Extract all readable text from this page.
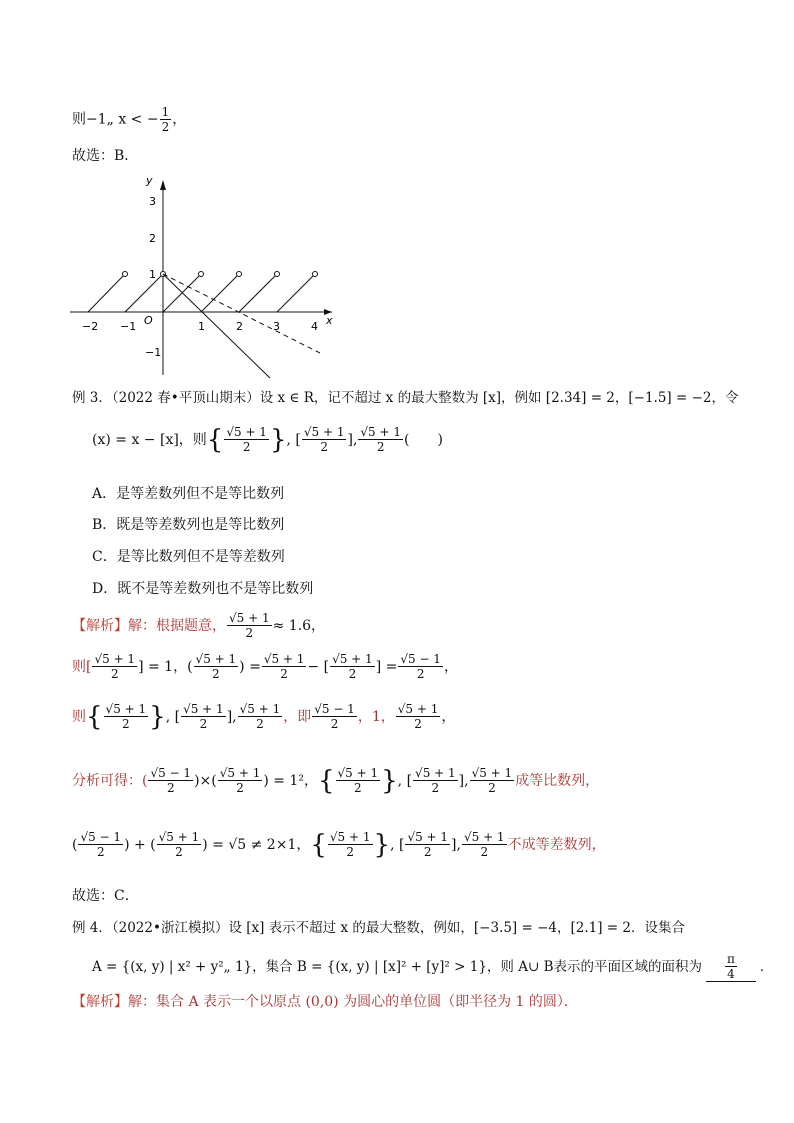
则−1„ x < − $\frac{1}{2}$ ，
故选：B．
y
x
O
−2 −1	1	2	3	4
3
2
1
−1
例 3．（2022 春•平顶山期末）设 x ∈ R，记不超过 x 的最大整数为 [x]，例如 [2.34] = 2，[−1.5] = −2，令
(x) = x − [x]，则 { $\frac{√5 + 1}{2}$ } , [ $\frac{√5 + 1}{2}$ ], $\frac{√5 + 1}{2}$ (　　)
A．是等差数列但不是等比数列
B．既是等差数列也是等比数列
C．是等比数列但不是等差数列
D．既不是等差数列也不是等比数列
【解析】 解：根据题意， $\frac{√5 + 1}{2} \approx 1.6$，
则[ $\frac{√5 + 1}{2}$ ] = 1，( $\frac{√5 + 1}{2}$ ) = $\frac{√5 + 1}{2}$ − [ $\frac{√5 + 1}{2}$ ] = $\frac{√5 - 1}{2}$ ，
则 { $\frac{√5 + 1}{2}$ } , [ $\frac{√5 + 1}{2}$ ], $\frac{√5 + 1}{2}$ ，即 $\frac{√5 - 1}{2}$ ，1， $\frac{√5 + 1}{2}$ ，
分析可得：( $\frac{√5 - 1}{2}$ )×( $\frac{√5 + 1}{2}$ ) = 1²， { $\frac{√5 + 1}{2}$ } , [ $\frac{√5 + 1}{2}$ ], $\frac{√5 + 1}{2}$ 成等比数列，
( $\frac{√5 - 1}{2}$ ) + ( $\frac{√5 + 1}{2}$ ) = √5 ≠ 2×1， { $\frac{√5 + 1}{2}$ } , [ $\frac{√5 + 1}{2}$ ], $\frac{√5 + 1}{2}$ 不成等差数列，
故选：C．
例 4．（2022•浙江模拟）设 [x] 表示不超过 x 的最大整数，例如，[−3.5] = −4，[2.1] = 2．设集合
A = {(x, y) | x² + y²„ 1}，集合 B = {(x, y) | [x]² + [y]² > 1}，则 A∪ B表示的平面区域的面积为 $\frac{\pi}{4}$ ．
【解析】解：集合 A 表示一个以原点 (0,0) 为圆心的单位圆（即半径为 1 的圆）．
